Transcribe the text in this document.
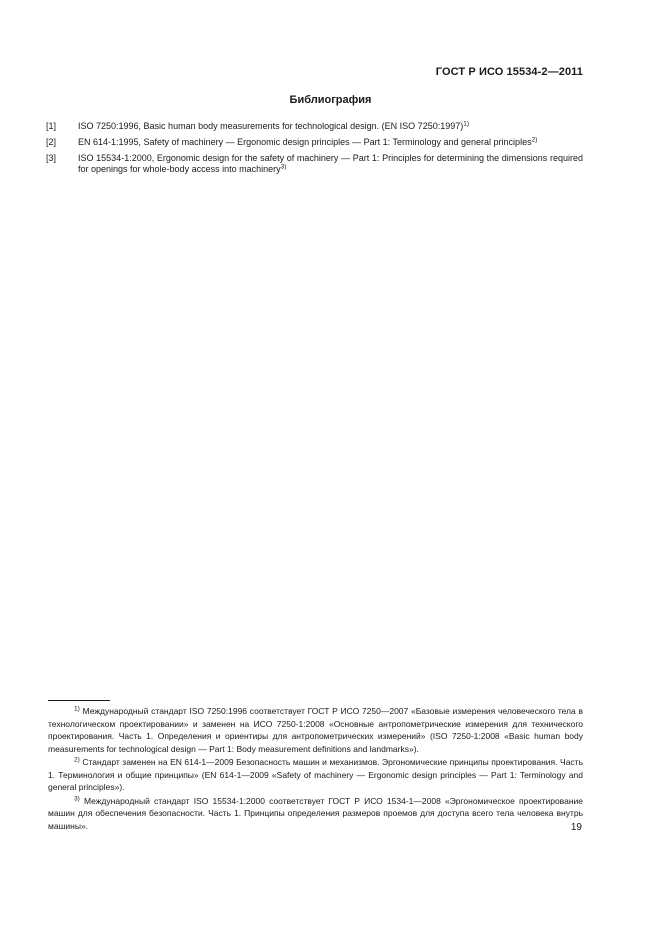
ГОСТ Р ИСО 15534-2—2011
Библиография
[1] ISO 7250:1996, Basic human body measurements for technological design. (EN ISO 7250:1997)$^{1)}$
[2] EN 614-1:1995, Safety of machinery — Ergonomic design principles — Part 1: Terminology and general principles$^{2)}$
[3] ISO 15534-1:2000, Ergonomic design for the safety of machinery — Part 1: Principles for determining the dimensions required for openings for whole-body access into machinery$^{3)}$

$^{1)}$ Международный стандарт ISO 7250:1996 соответствует ГОСТ Р ИСО 7250—2007 «Базовые измерения человеческого тела в технологическом проектировании» и заменен на ИСО 7250-1:2008 «Основные антропометрические измерения для технического проектирования. Часть 1. Определения и ориентиры для антропометрических измерений» (ISO 7250-1:2008 «Basic human body measurements for technological design — Part 1: Body measurement definitions and landmarks»).

$^{2)}$ Стандарт заменен на EN 614-1—2009 Безопасность машин и механизмов. Эргономические принципы проектирования. Часть 1. Терминология и общие принципы» (EN 614-1—2009 «Safety of machinery — Ergonomic design principles — Part 1: Terminology and general principles»).

$^{3)}$ Международный стандарт ISO 15534-1:2000 соответствует ГОСТ Р ИСО 1534-1—2008 «Эргономическое проектирование машин для обеспечения безопасности. Часть 1. Принципы определения размеров проемов для доступа всего тела человека внутрь машины».	19
